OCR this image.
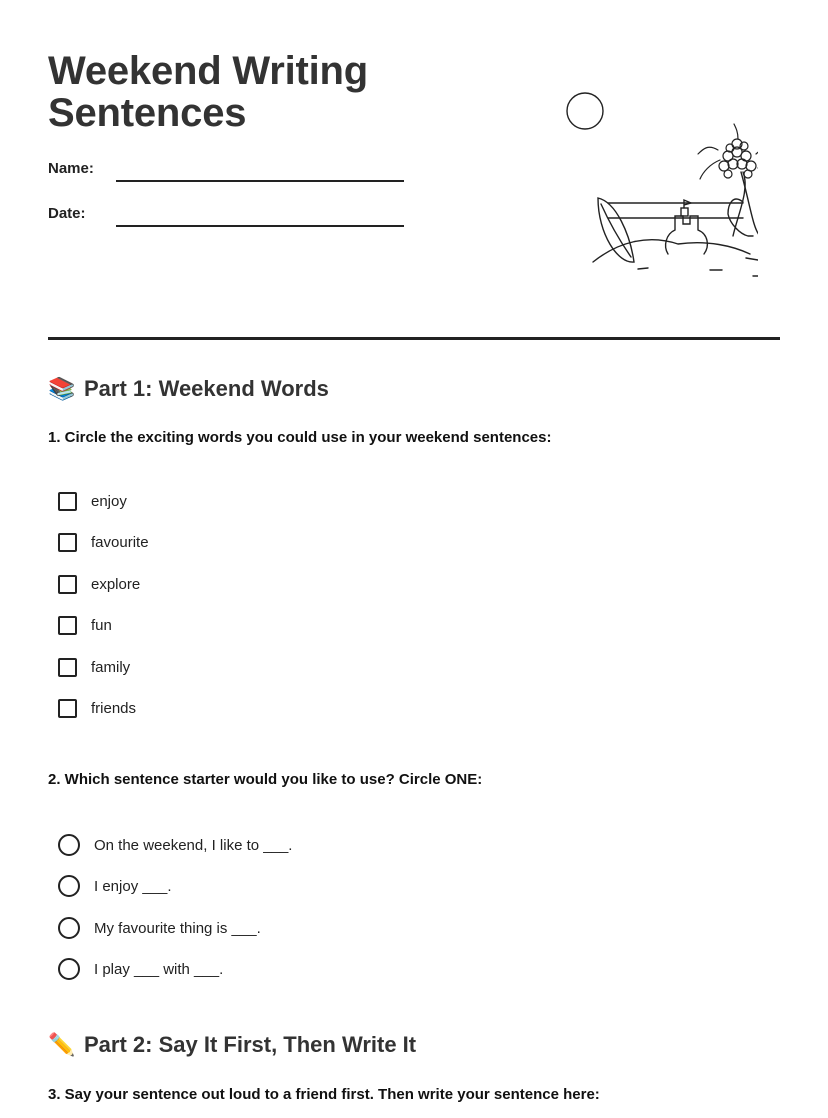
Weekend Writing Sentences
Name:
Date:
📚 Part 1: Weekend Words
1. Circle the exciting words you could use in your weekend sentences:
enjoy
favourite
explore
fun
family
friends
2. Which sentence starter would you like to use? Circle ONE:
On the weekend, I like to ___.
I enjoy ___.
My favourite thing is ___.
I play ___ with ___.
✏️ Part 2: Say It First, Then Write It
3. Say your sentence out loud to a friend first. Then write your sentence here:
